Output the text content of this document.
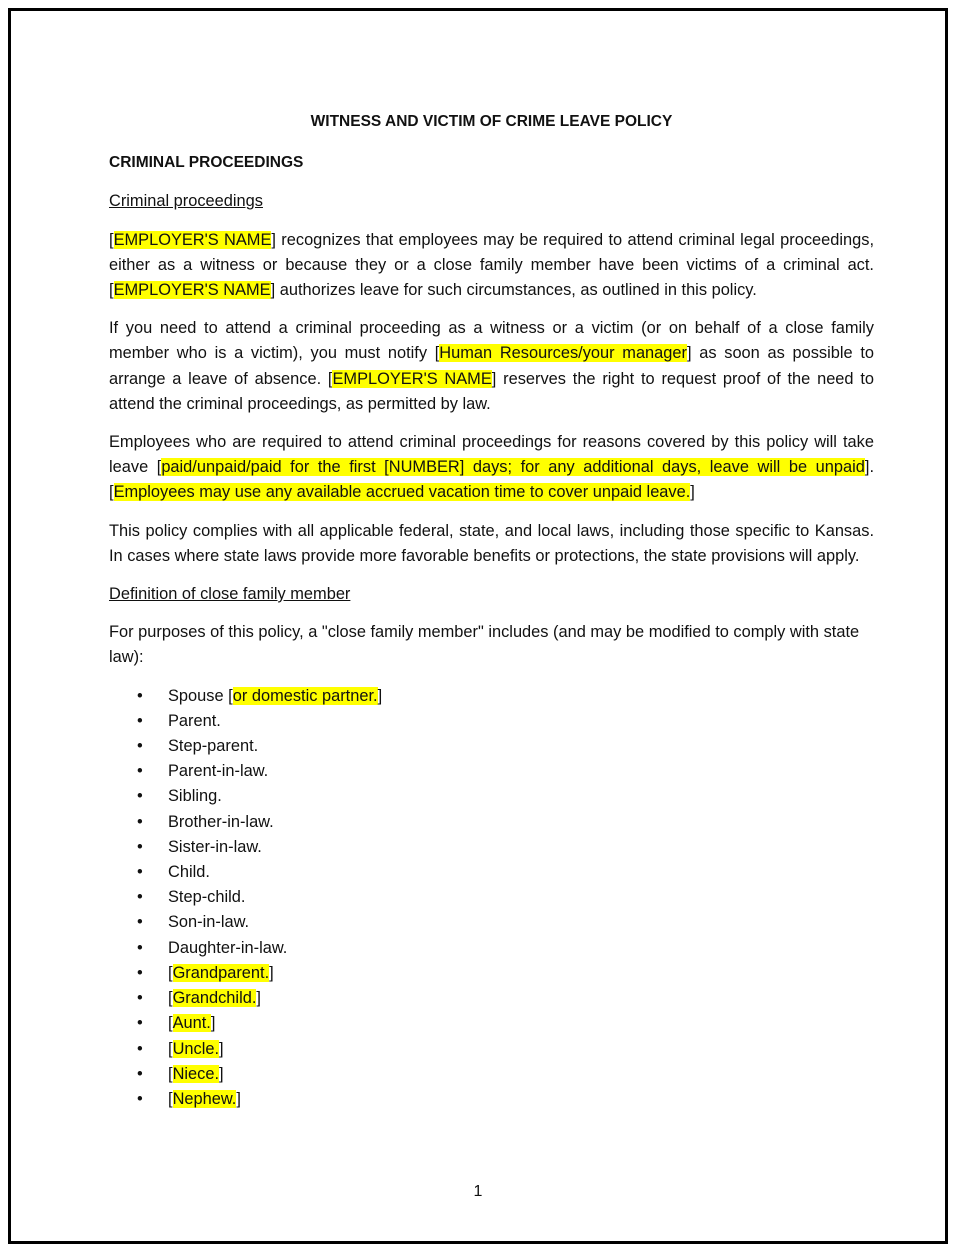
WITNESS AND VICTIM OF CRIME LEAVE POLICY
CRIMINAL PROCEEDINGS
Criminal proceedings

[EMPLOYER'S NAME] recognizes that employees may be required to attend criminal legal proceedings, either as a witness or because they or a close family member have been victims of a criminal act. [EMPLOYER'S NAME] authorizes leave for such circumstances, as outlined in this policy.

If you need to attend a criminal proceeding as a witness or a victim (or on behalf of a close family member who is a victim), you must notify [Human Resources/your manager] as soon as possible to arrange a leave of absence. [EMPLOYER'S NAME] reserves the right to request proof of the need to attend the criminal proceedings, as permitted by law.

Employees who are required to attend criminal proceedings for reasons covered by this policy will take leave [paid/unpaid/paid for the first [NUMBER] days; for any additional days, leave will be unpaid]. [Employees may use any available accrued vacation time to cover unpaid leave.]

This policy complies with all applicable federal, state, and local laws, including those specific to Kansas. In cases where state laws provide more favorable benefits or protections, the state provisions will apply.

Definition of close family member

For purposes of this policy, a "close family member" includes (and may be modified to comply with state law):

• Spouse [or domestic partner.]
• Parent.
• Step-parent.
• Parent-in-law.
• Sibling.
• Brother-in-law.
• Sister-in-law.
• Child.
• Step-child.
• Son-in-law.
• Daughter-in-law.
• [Grandparent.]
• [Grandchild.]
• [Aunt.]
• [Uncle.]
• [Niece.]
• [Nephew.]
1
